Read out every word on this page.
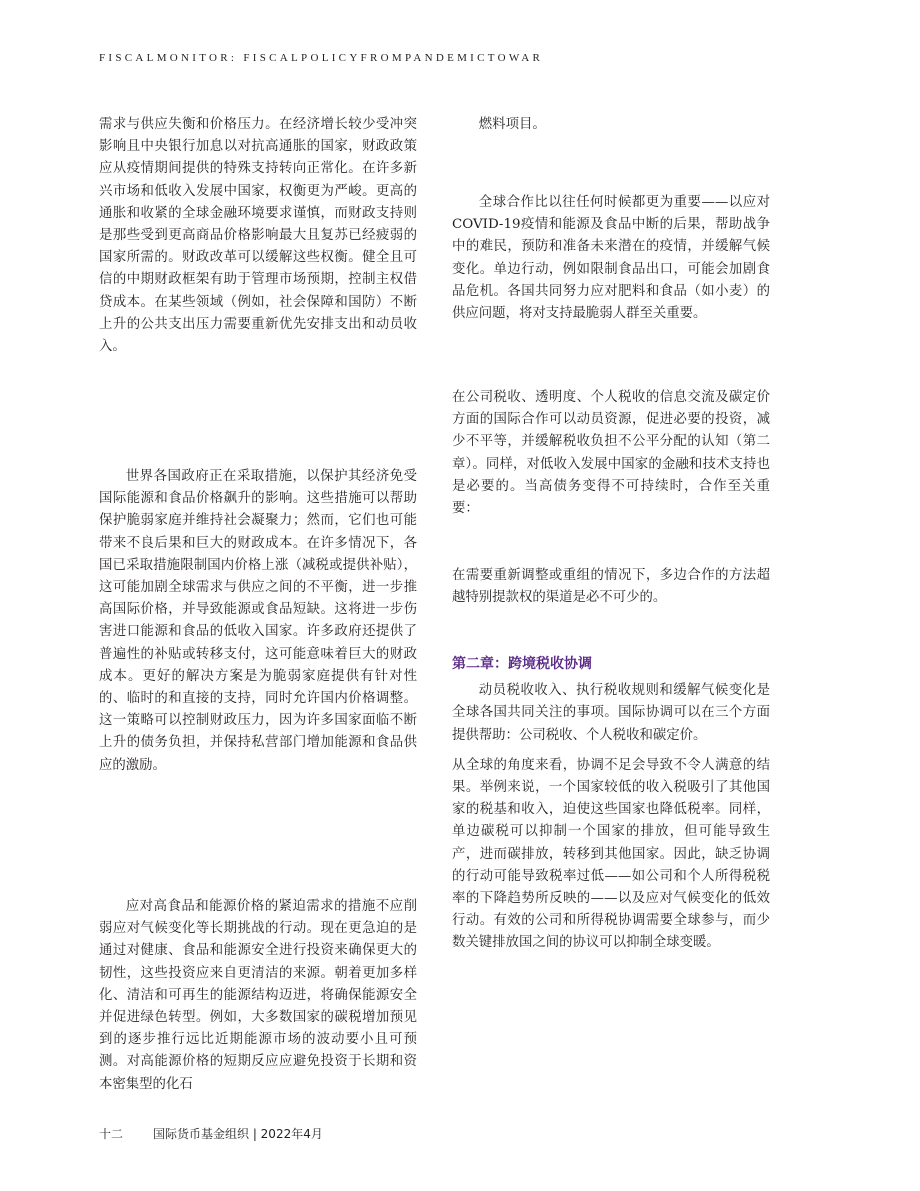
FISCALMONITOR: FISCALPOLICYFROMPANDEMICTOWAR

需求与供应失衡和价格压力。在经济增长较少受冲突影响且中央银行加息以对抗高通胀的国家，财政政策应从疫情期间提供的特殊支持转向正常化。在许多新兴市场和低收入发展中国家，权衡更为严峻。更高的通胀和收紧的全球金融环境要求谨慎，而财政支持则是那些受到更高商品价格影响最大且复苏已经疲弱的国家所需的。财政改革可以缓解这些权衡。健全且可信的中期财政框架有助于管理市场预期，控制主权借贷成本。在某些领域（例如，社会保障和国防）不断上升的公共支出压力需要重新优先安排支出和动员收入。

世界各国政府正在采取措施，以保护其经济免受国际能源和食品价格飙升的影响。这些措施可以帮助保护脆弱家庭并维持社会凝聚力；然而，它们也可能带来不良后果和巨大的财政成本。在许多情况下，各国已采取措施限制国内价格上涨（减税或提供补贴），这可能加剧全球需求与供应之间的不平衡，进一步推高国际价格，并导致能源或食品短缺。这将进一步伤害进口能源和食品的低收入国家。许多政府还提供了普遍性的补贴或转移支付，这可能意味着巨大的财政成本。更好的解决方案是为脆弱家庭提供有针对性的、临时的和直接的支持，同时允许国内价格调整。这一策略可以控制财政压力，因为许多国家面临不断上升的债务负担，并保持私营部门增加能源和食品供应的激励。

应对高食品和能源价格的紧迫需求的措施不应削弱应对气候变化等长期挑战的行动。现在更急迫的是通过对健康、食品和能源安全进行投资来确保更大的韧性，这些投资应来自更清洁的来源。朝着更加多样化、清洁和可再生的能源结构迈进，将确保能源安全并促进绿色转型。例如，大多数国家的碳税增加预见到的逐步推行远比近期能源市场的波动要小且可预测。对高能源价格的短期反应应避免投资于长期和资本密集型的化石

燃料项目。

全球合作比以往任何时候都更为重要——以应对COVID-19疫情和能源及食品中断的后果，帮助战争中的难民，预防和准备未来潜在的疫情，并缓解气候变化。单边行动，例如限制食品出口，可能会加剧食品危机。各国共同努力应对肥料和食品（如小麦）的供应问题，将对支持最脆弱人群至关重要。

在公司税收、透明度、个人税收的信息交流及碳定价方面的国际合作可以动员资源，促进必要的投资，减少不平等，并缓解税收负担不公平分配的认知（第二章）。同样，对低收入发展中国家的金融和技术支持也是必要的。当高债务变得不可持续时，合作至关重要：

在需要重新调整或重组的情况下，多边合作的方法超越特别提款权的渠道是必不可少的。

第二章：跨境税收协调

动员税收收入、执行税收规则和缓解气候变化是全球各国共同关注的事项。国际协调可以在三个方面提供帮助：公司税收、个人税收和碳定价。

从全球的角度来看，协调不足会导致不令人满意的结果。举例来说，一个国家较低的收入税吸引了其他国家的税基和收入，迫使这些国家也降低税率。同样，单边碳税可以抑制一个国家的排放，但可能导致生产，进而碳排放，转移到其他国家。因此，缺乏协调的行动可能导致税率过低——如公司和个人所得税税率的下降趋势所反映的——以及应对气候变化的低效行动。有效的公司和所得税协调需要全球参与，而少数关键排放国之间的协议可以抑制全球变暖。

十二 国际货币基金组织 | 2022年4月
